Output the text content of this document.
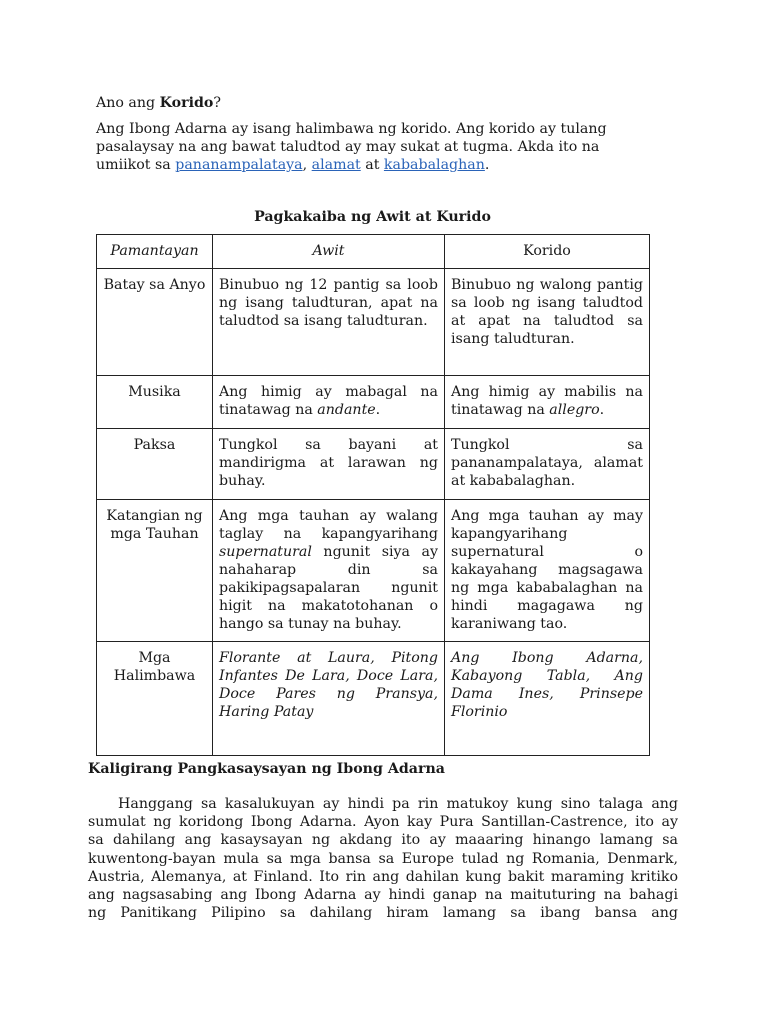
Ano ang Korido?
Ang Ibong Adarna ay isang halimbawa ng korido. Ang korido ay tulang
pasalaysay na ang bawat taludtod ay may sukat at tugma. Akda ito na
umiikot sa pananampalataya, alamat at kababalaghan.
Pagkakaiba ng Awit at Kurido
Pamantayan	Awit	Korido
Batay sa Anyo	Binubuo ng 12 pantig sa loob ng isang taludturan, apat na taludtod sa isang taludturan.	Binubuo ng walong pantig sa loob ng isang taludtod at apat na taludtod sa isang taludturan.
Musika	Ang himig ay mabagal na tinatawag na andante.	Ang himig ay mabilis na tinatawag na allegro.
Paksa	Tungkol sa bayani at mandirigma at larawan ng buhay.	Tungkol sa pananampalataya, alamat at kababalaghan.
Katangian ng mga Tauhan	Ang mga tauhan ay walang taglay na kapangyarihang supernatural ngunit siya ay nahaharap din sa pakikipagsapalaran ngunit higit na makatotohanan o hango sa tunay na buhay.	Ang mga tauhan ay may kapangyarihang supernatural o kakayahang magsagawa ng mga kababalaghan na hindi magagawa ng karaniwang tao.
Mga Halimbawa	Florante at Laura, Pitong Infantes De Lara, Doce Lara, Doce Pares ng Pransya, Haring Patay	Ang Ibong Adarna, Kabayong Tabla, Ang Dama Ines, Prinsepe Florinio
Kaligirang Pangkasaysayan ng Ibong Adarna
Hanggang sa kasalukuyan ay hindi pa rin matukoy kung sino talaga ang
sumulat ng koridong Ibong Adarna. Ayon kay Pura Santillan-Castrence, ito ay
sa dahilang ang kasaysayan ng akdang ito ay maaaring hinango lamang sa
kuwentong-bayan mula sa mga bansa sa Europe tulad ng Romania, Denmark,
Austria, Alemanya, at Finland. Ito rin ang dahilan kung bakit maraming kritiko
ang nagsasabing ang Ibong Adarna ay hindi ganap na maituturing na bahagi
ng Panitikang Pilipino sa dahilang hiram lamang sa ibang bansa ang
